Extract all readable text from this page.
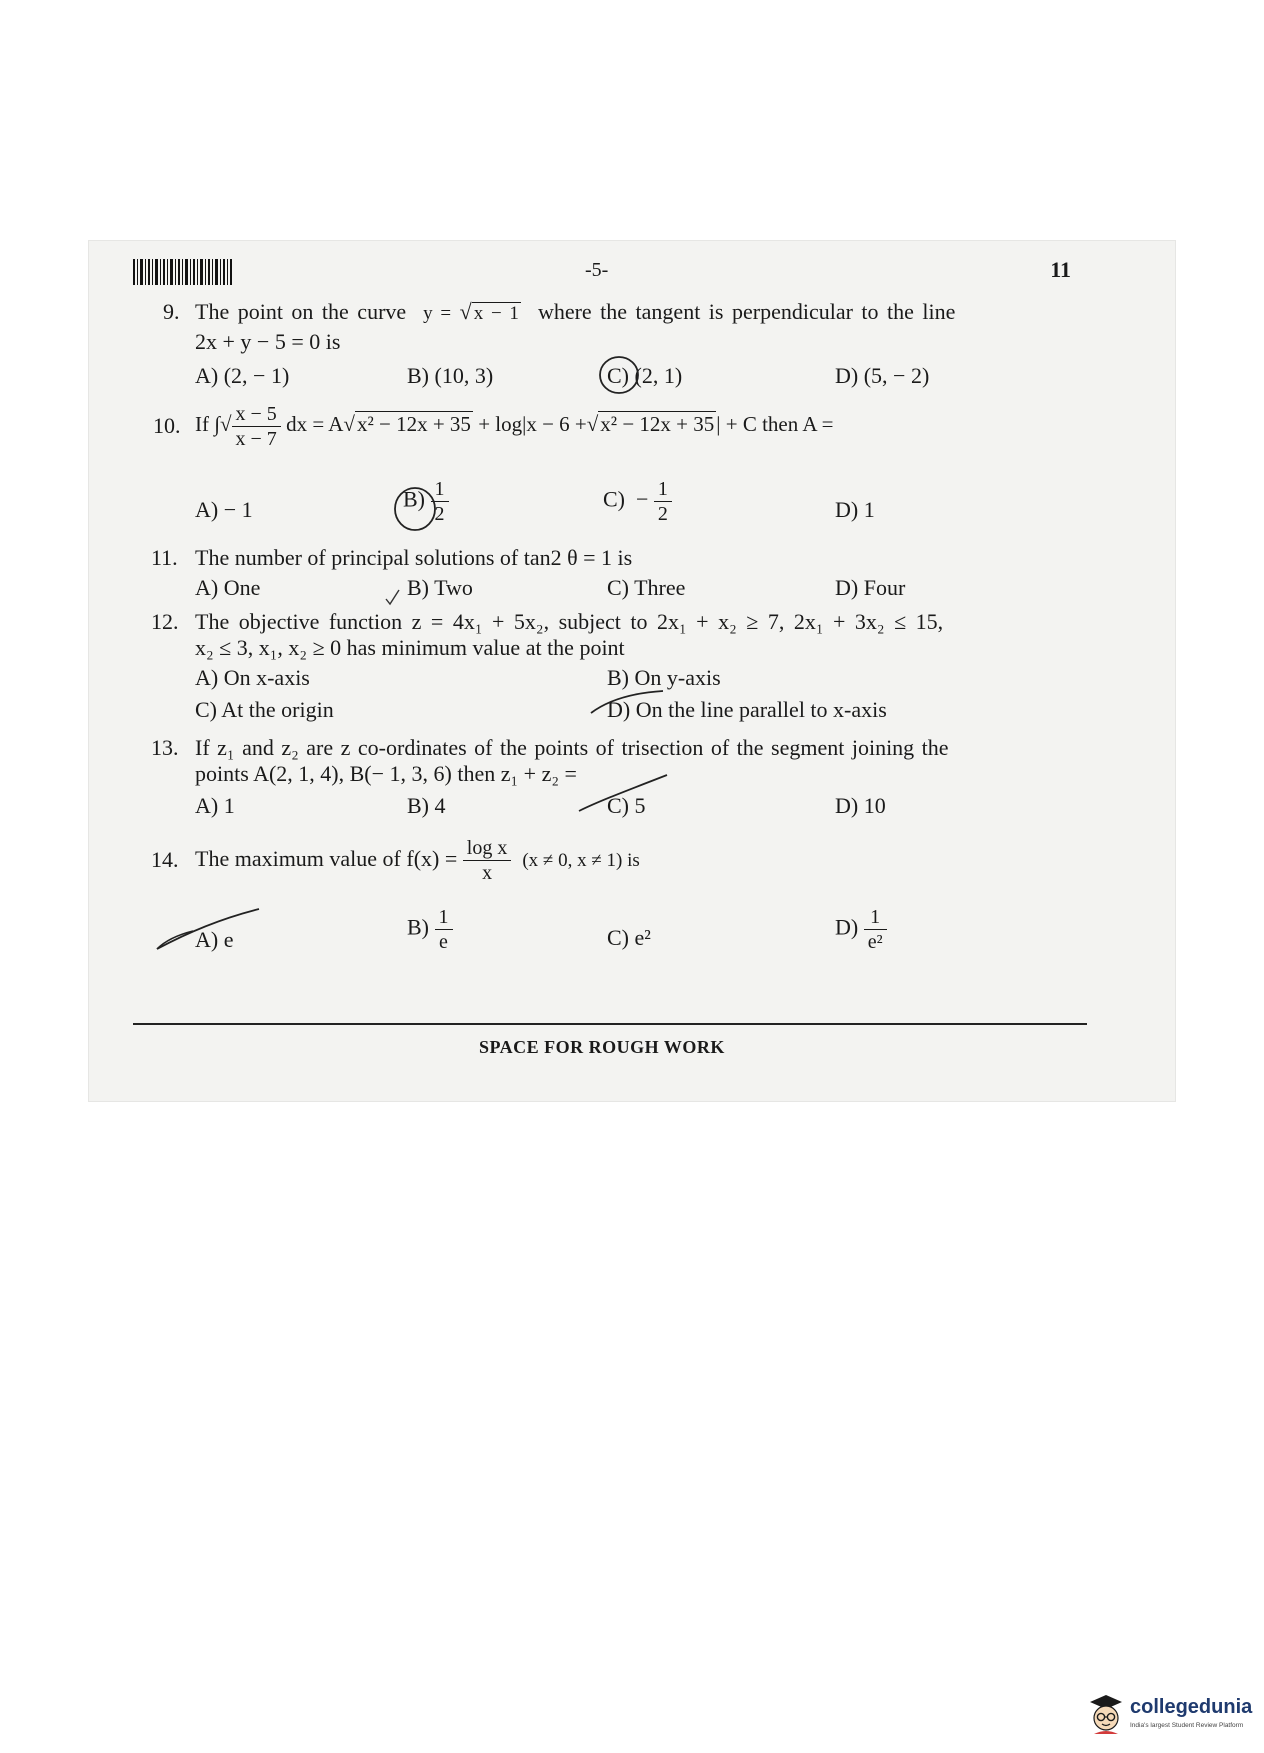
-5-	11
9. The point on the curve y = √ x − 1 where the tangent is perpendicular to the line
2x + y − 5 = 0 is
A) (2, − 1)	B) (10, 3)	C) (2, 1)	D) (5, − 2)
10. If ∫√ $\frac{x - 5}{x - 7}$ dx = A√x² − 12x + 35 + log|x − 6 +√x² − 12x + 35| + C then A =
A) − 1	$B) \frac{1}{2}$	$C) - \frac{1}{2}$	D) 1
11. The number of principal solutions of tan2 θ = 1 is
A) One	B) Two	C) Three	D) Four
12. The objective function z = 4x₁ + 5x₂, subject to 2x₁ + x₂ ≥ 7, 2x₁ + 3x₂ ≤ 15,
x₂ ≤ 3, x₁, x₂ ≥ 0 has minimum value at the point
A) On x-axis	B) On y-axis
C) At the origin	D) On the line parallel to x-axis
13. If z₁ and z₂ are z co-ordinates of the points of trisection of the segment joining the
points A(2, 1, 4), B(− 1, 3, 6) then z₁ + z₂ =
A) 1	B) 4	C) 5	D) 10
14. The maximum value of $f(x) = \frac{\text{log x}}{x} (x \ne 0$, x ≠ 1) is
A) e	$B) \frac{1}{e}$	C) e²	$D) \frac{1}{\text{e²}}$
SPACE FOR ROUGH WORK
collegedunia
India's largest Student Review Platform
